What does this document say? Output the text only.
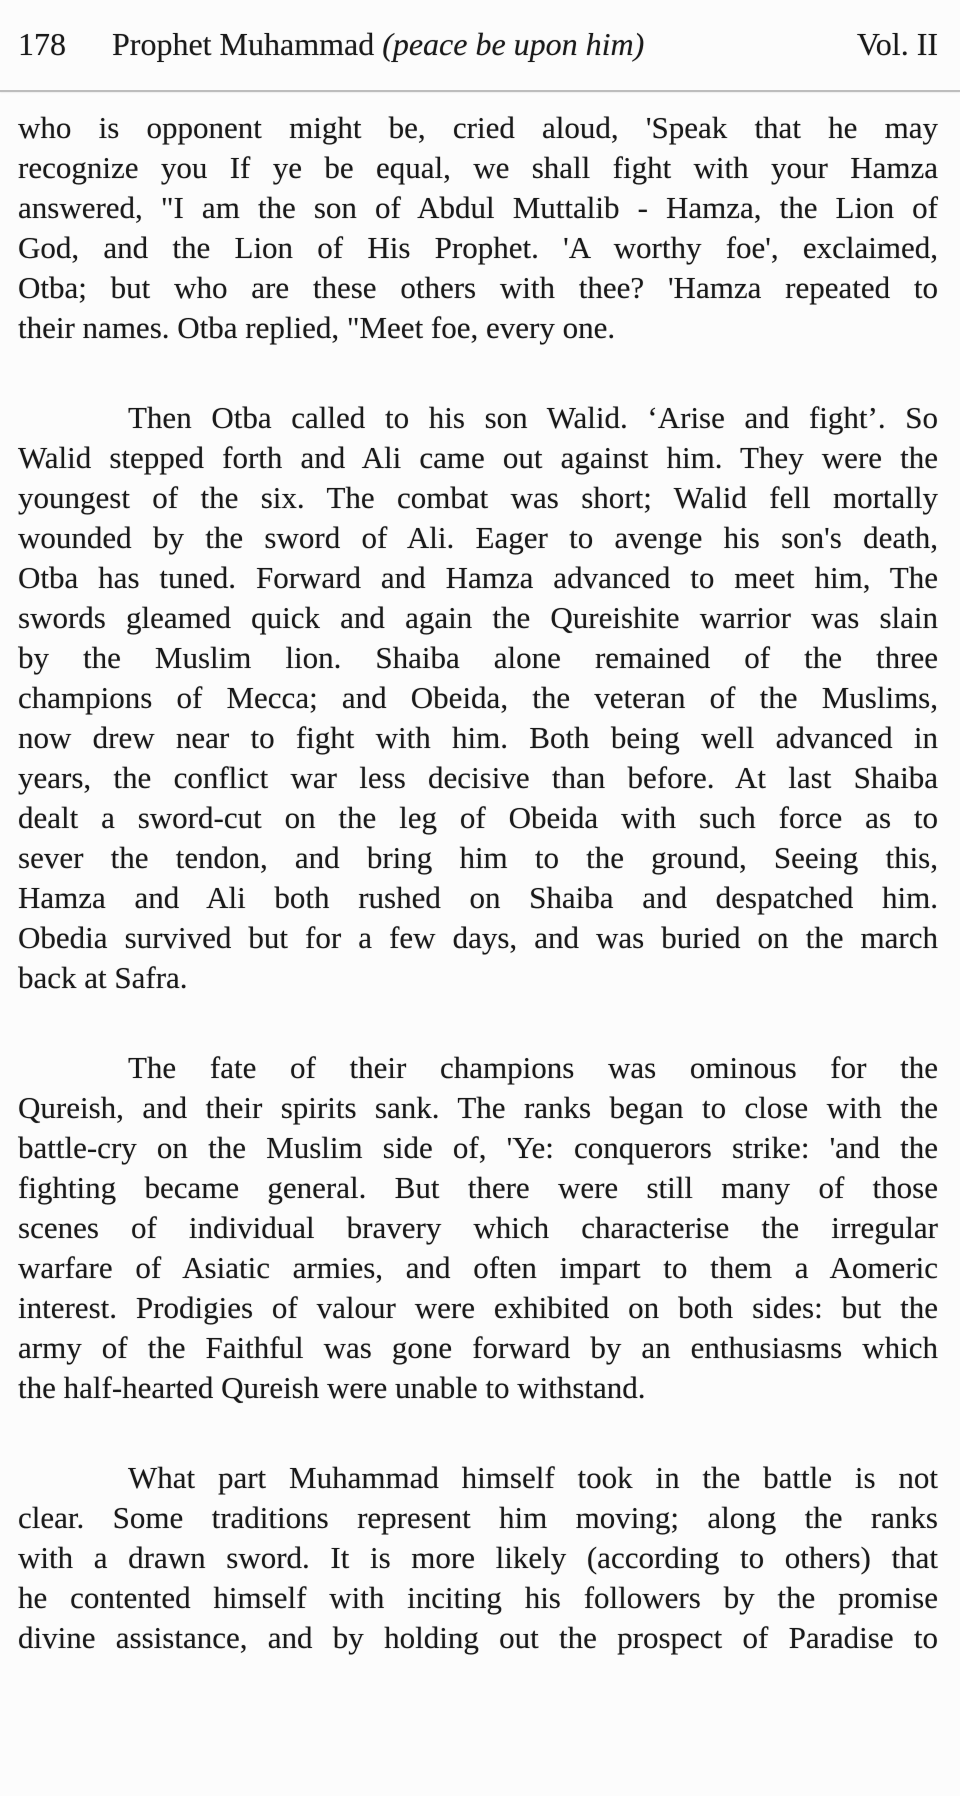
178 Prophet Muhammad (peace be upon him)	Vol. II
who is opponent might be, cried aloud, 'Speak that he may
recognize you If ye be equal, we shall fight with your Hamza
answered, "I am the son of Abdul Muttalib - Hamza, the Lion of
God, and the Lion of His Prophet. 'A worthy foe', exclaimed,
Otba; but who are these others with thee? 'Hamza repeated to
their names. Otba replied, "Meet foe, every one.
Then Otba called to his son Walid. ‘Arise and fight’. So
Walid stepped forth and Ali came out against him. They were the
youngest of the six. The combat was short; Walid fell mortally
wounded by the sword of Ali. Eager to avenge his son's death,
Otba has tuned. Forward and Hamza advanced to meet him, The
swords gleamed quick and again the Qureishite warrior was slain
by the Muslim lion. Shaiba alone remained of the three
champions of Mecca; and Obeida, the veteran of the Muslims,
now drew near to fight with him. Both being well advanced in
years, the conflict war less decisive than before. At last Shaiba
dealt a sword-cut on the leg of Obeida with such force as to
sever the tendon, and bring him to the ground, Seeing this,
Hamza and Ali both rushed on Shaiba and despatched him.
Obedia survived but for a few days, and was buried on the march
back at Safra.
The fate of their champions was ominous for the
Qureish, and their spirits sank. The ranks began to close with the
battle-cry on the Muslim side of, 'Ye: conquerors strike: 'and the
fighting became general. But there were still many of those
scenes of individual bravery which characterise the irregular
warfare of Asiatic armies, and often impart to them a Aomeric
interest. Prodigies of valour were exhibited on both sides: but the
army of the Faithful was gone forward by an enthusiasms which
the half-hearted Qureish were unable to withstand.
What part Muhammad himself took in the battle is not
clear. Some traditions represent him moving; along the ranks
with a drawn sword. It is more likely (according to others) that
he contented himself with inciting his followers by the promise
divine assistance, and by holding out the prospect of Paradise to
